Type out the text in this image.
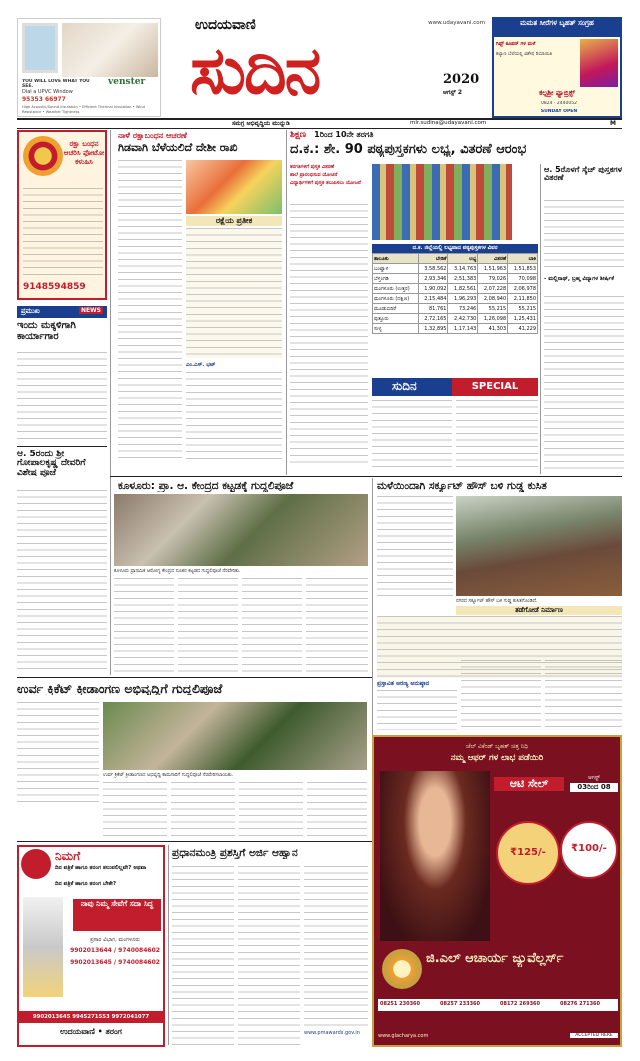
YOU WILL LOVE WHAT YOU SEE.	venster
Dial a UPVC Window
95353 66977
High Acoustic/Sound Insulation • Efficient Thermal Insulation • Wind Resistance • Weather Tightness
ಉದಯವಾಣಿ
ಸುದಿನ	2020
www.udayavani.com
ಆಗಸ್ಟ್ 2
ಮಮತ ಸೀರೆಗಳ ಬೃಹತ್ ಸಂಗ್ರಹ
ಗಿಫ್ಟ್ ಕೂಪನ್ ಗಳ ಮಳೆ
ಕಲ್ಯಾಣ ಬೆಲೆಯಲ್ಲಿ ವಿಶೇಷ ರಿಯಾಯಿತಿ
ಕಲ್ಪಶ್ರೀ ಫ್ಯಾಬ್ರಿಕ್ಸ್
0824 - 2440052
SUNDAY OPEN
ಸಮಗ್ರ ಅಭಿವೃದ್ಧಿಯ ಮುನ್ನುಡಿ	mlr.sudina@udayavani.com	M
ರಕ್ಷಾ ಬಂಧನ ಆಚರಿಸಿ ಫೋಟೋ ಕಳುಹಿಸಿ
9148594859
ಪ್ರಮುಖ	NEWS
ಇಂದು ಮಕ್ಕಳಿಗಾಗಿ ಕಾರ್ಯಾಗಾರ
ಆ. 5ರಂದು ಶ್ರೀ ಗೋಪಾಲಕೃಷ್ಣ ದೇವರಿಗೆ ವಿಶೇಷ ಪೂಜೆ
ನಾಳೆ ರಕ್ಷಾಬಂಧನ ಆಚರಣೆ
ಗಿಡವಾಗಿ ಬೆಳೆಯಲಿದೆ ದೇಶೀ ರಾಖಿ
ರಕ್ಷೆಯ ಪ್ರತೀಕ
ಎಂ.ಎಸ್. ಭಟ್
ಶಿಕ್ಷಣ 1ರಿಂದ 10ನೇ ತರಗತಿ
ದ.ಕ.: ಶೇ. 90 ಪಠ್ಯಪುಸ್ತಕಗಳು ಲಭ್ಯ, ವಿತರಣೆ ಆರಂಭ
ತರಗತಿಗಳಿಗೆ ಪುಸ್ತಕ ವಿತರಣೆ
ಶಾಲೆ ಪ್ರಾರಂಭಿಸುವ ಯೋಚನೆ
ವಿದ್ಯಾರ್ಥಿಗಳಿಗೆ ಪುಸ್ತಕ ತಲುಪಿಸಲು ಯೋಜನೆ
ದ.ಕ. ಜಿಲ್ಲೆಯಲ್ಲಿ ಲಭ್ಯವಾದ ಪಠ್ಯಪುಸ್ತಕಗಳ ವಿವರ
ತಾಲೂಕು	ಬೇಡಿಕೆ	ಲಭ್ಯ	ವಿತರಣೆ	ಬಾಕಿ
ಬಂಟ್ವಾಳ	3,58,562	3,14,763	1,51,963	1,51,853
ಬೆಳ್ತಂಗಡಿ	2,93,346	2,51,383	79,026	70,098
ಮಂಗಳೂರು (ಉತ್ತರ)	1,90,092	1,82,561	2,07,228	2,06,978
ಮಂಗಳೂರು (ದಕ್ಷಿಣ)	2,15,484	1,96,293	2,08,940	2,11,850
ಮೂಡುಬಿದಿರೆ	81,761	73,246	55,215	55,215
ಪುತ್ತೂರು	2,72,165	2,42,730	1,26,098	1,25,431
ಸುಳ್ಯ	1,32,895	1,17,143	41,303	41,229
ಸುದಿನ	SPECIAL
ಆ. 5ರೊಳಗೆ ಸ್ಕೆಚ್ ಪುಸ್ತಕಗಳ ವಿತರಣೆ
- ಮಲ್ಲಿನಾಥ್, ಬ್ರಹ್ಮ ವಿದ್ಯಾಗಳ ಶೀರ್ಷಿಕೆ
ಕೂಳೂರು: ಪ್ರಾ. ಆ. ಕೇಂದ್ರದ ಕಟ್ಟಡಕ್ಕೆ ಗುದ್ದಲಿಪೂಜೆ
ಕೂಳೂರು ಪ್ರಾಥಮಿಕ ಆರೋಗ್ಯ ಕೇಂದ್ರದ ನೂತನ ಕಟ್ಟಡದ ಗುದ್ದಲಿಪೂಜೆ ನೆರವೇರಿತು.
ಮಳೆಯಿಂದಾಗಿ ಸರ್ಕ್ಯೂಟ್ ಹೌಸ್ ಬಳಿ ಗುಡ್ಡ ಕುಸಿತ
ನಗರದ ಸರ್ಕ್ಯೂಟ್ ಹೌಸ್ ಬಳಿ ಗುಡ್ಡ ಕುಸಿತಗೊಂಡಿದೆ.
ತಡೆಗೋಡೆ ನಿರ್ಮಾಣ
ಪ್ರಸ್ತಾವಿತ ಅರಣ್ಯ ಅನುಷ್ಠಾನ
ಉರ್ವ ಕ್ರಿಕೆಟ್ ಕ್ರೀಡಾಂಗಣ ಅಭಿವೃದ್ಧಿಗೆ ಗುದ್ದಲಿಪೂಜೆ
ಉರ್ವ ಕ್ರಿಕೆಟ್ ಕ್ರೀಡಾಂಗಣದ ಅಭಿವೃದ್ಧಿ ಕಾಮಗಾರಿಗೆ ಗುದ್ದಲಿಪೂಜೆ ನೆರವೇರಿಸಲಾಯಿತು.
ನಿಮಗೆ
ದಿನ ಪತ್ರಿಕೆ ಹಾಗೂ ತರಂಗ ತಲುಪಲಿಲ್ಲವೇ? ಅಥವಾ
ದಿನ ಪತ್ರಿಕೆ ಹಾಗೂ ತರಂಗ ಬೇಕೇ?
ನಾವು ನಿಮ್ಮ ಸೇವೆಗೆ ಸದಾ ಸಿದ್ಧ
ಪ್ರಸಾರ ವಿಭಾಗ, ಮಂಗಳೂರು
9902013644 / 9740084602
9902013645 / 9740084602
9902013645 9945271553 9972041077
ಉದಯವಾಣಿ • ತರಂಗ
ಪ್ರಧಾನಮಂತ್ರಿ ಪ್ರಶಸ್ತಿಗೆ ಅರ್ಜಿ ಆಹ್ವಾನ
www.pmawards.gov.in
ಚೆಲ್ ವಿಕೆಂಡ್ ಬೃಹತ್ ಚಿತ್ತ ನಿಧಿ
ನಮ್ಮ ಆಫರ್ ಗಳ ಲಾಭ ಪಡೆಯಿರಿ
ಆಟಿ ಸೇಲ್	ಆಗಸ್ಟ್
03ರಿಂದ 08
₹125/-	₹100/-
ಜಿ.ಎಲ್ ಆಚಾರ್ಯ ಜ್ಯುವೆಲ್ಲರ್ಸ್
08251 230360	08257 233360	08172 269360	08276 271360
www.glacharya.com	ACCEPTED HERE
